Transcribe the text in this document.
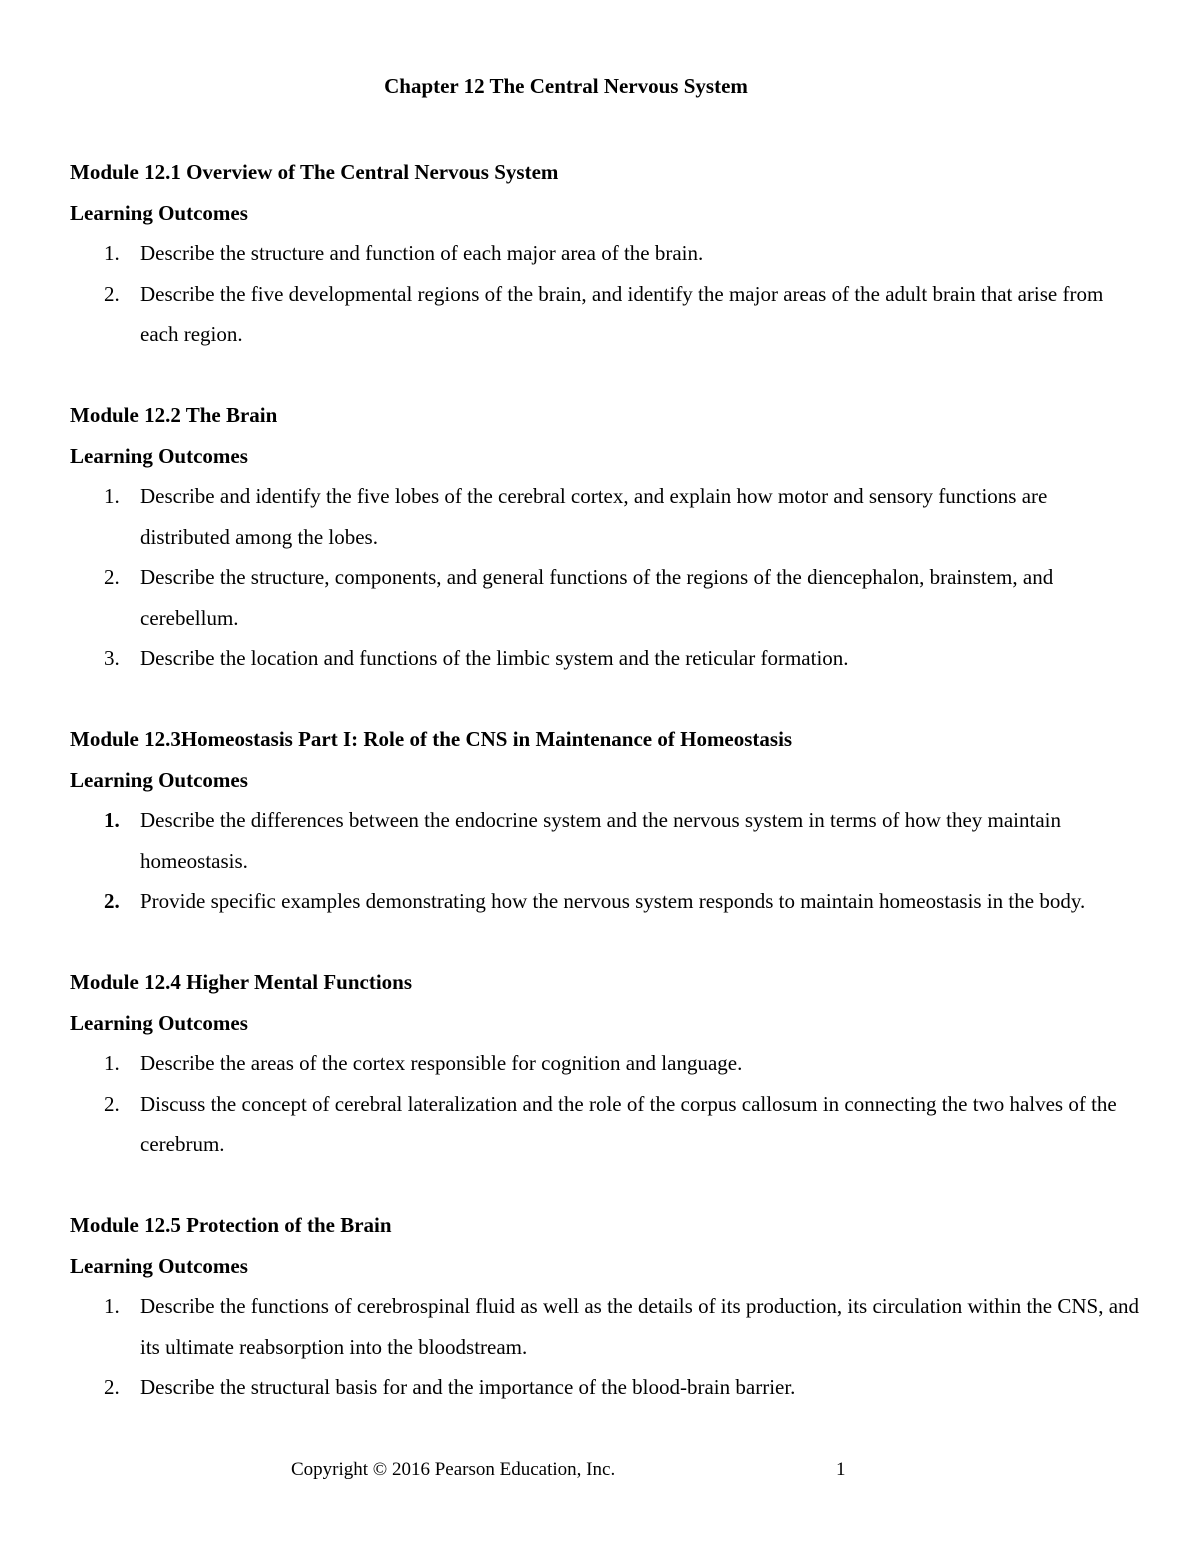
Chapter 12 The Central Nervous System

Module 12.1 Overview of The Central Nervous System

Learning Outcomes

1. Describe the structure and function of each major area of the brain.
2. Describe the five developmental regions of the brain, and identify the major areas of the adult brain that arise from each region.

Module 12.2 The Brain

Learning Outcomes

1. Describe and identify the five lobes of the cerebral cortex, and explain how motor and sensory functions are distributed among the lobes.
2. Describe the structure, components, and general functions of the regions of the diencephalon, brainstem, and cerebellum.
3. Describe the location and functions of the limbic system and the reticular formation.

Module 12.3Homeostasis Part I: Role of the CNS in Maintenance of Homeostasis

Learning Outcomes

1. Describe the differences between the endocrine system and the nervous system in terms of how they maintain homeostasis.
2. Provide specific examples demonstrating how the nervous system responds to maintain homeostasis in the body.

Module 12.4 Higher Mental Functions

Learning Outcomes

1. Describe the areas of the cortex responsible for cognition and language.
2. Discuss the concept of cerebral lateralization and the role of the corpus callosum in connecting the two halves of the cerebrum.

Module 12.5 Protection of the Brain

Learning Outcomes

1. Describe the functions of cerebrospinal fluid as well as the details of its production, its circulation within the CNS, and its ultimate reabsorption into the bloodstream.
2. Describe the structural basis for and the importance of the blood-brain barrier.
Copyright © 2016 Pearson Education, Inc.	1
